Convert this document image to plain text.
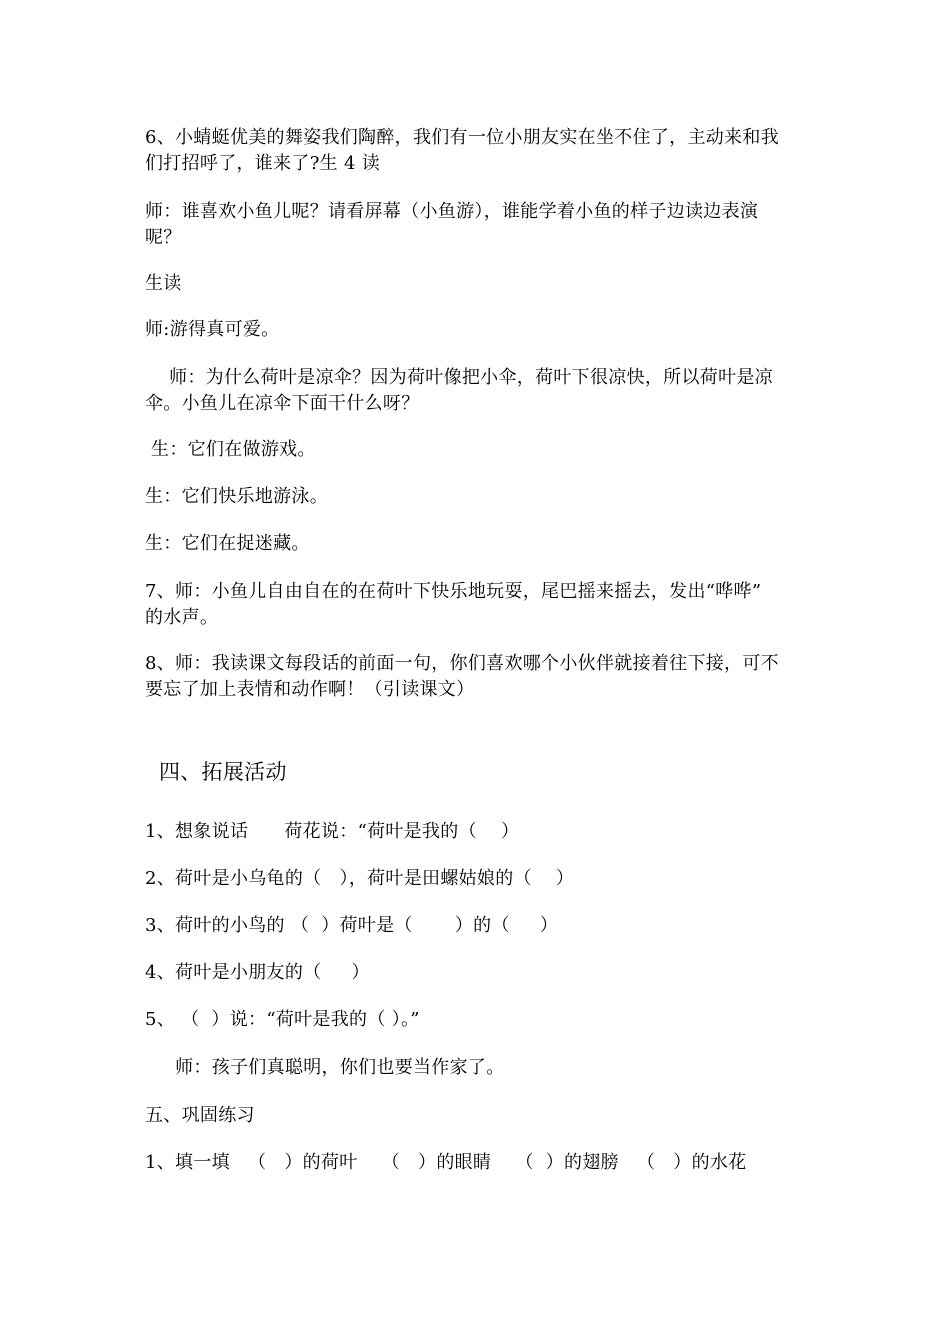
6、小蜻蜓优美的舞姿我们陶醉，我们有一位小朋友实在坐不住了，主动来和我
们打招呼了，谁来了?生 4 读
师：谁喜欢小鱼儿呢？请看屏幕（小鱼游），谁能学着小鱼的样子边读边表演
呢？
生读
师:游得真可爱。
师：为什么荷叶是凉伞？因为荷叶像把小伞，荷叶下很凉快，所以荷叶是凉
伞。小鱼儿在凉伞下面干什么呀？
生：它们在做游戏。
生：它们快乐地游泳。
生：它们在捉迷藏。
7、师：小鱼儿自由自在的在荷叶下快乐地玩耍，尾巴摇来摇去，发出“哗哗”
的水声。
8、师：我读课文每段话的前面一句，你们喜欢哪个小伙伴就接着往下接，可不
四、拓展活动
要忘了加上表情和动作啊！（引读课文）
1、想象说话      荷花说：“荷叶是我的（    ）
2、荷叶是小乌龟的（   ），荷叶是田螺姑娘的（    ）
3、荷叶的小鸟的 （  ）荷叶是（       ）的（     ）
4、荷叶是小朋友的（     ）
5、 （  ）说：“荷叶是我的（ ）。”
师：孩子们真聪明，你们也要当作家了。
五、巩固练习
1、填一填   （   ）的荷叶    （   ）的眼睛    （  ）的翅膀   （   ）的水花
